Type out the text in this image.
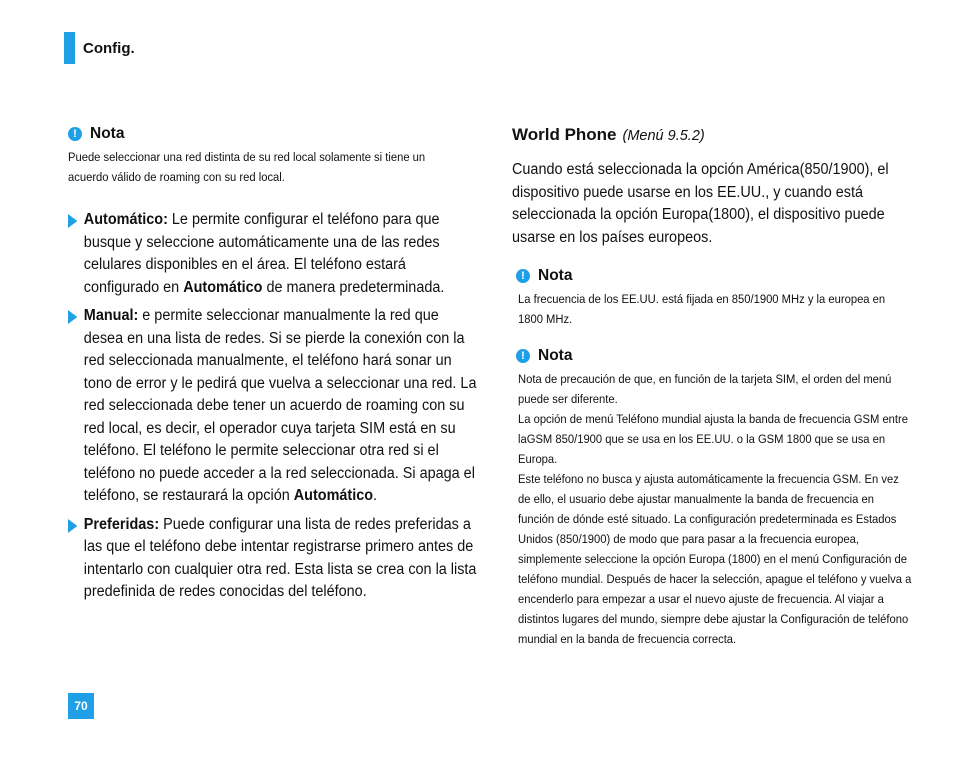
Config.
! Nota
Puede seleccionar una red distinta de su red local solamente si tiene un acuerdo válido de roaming con su red local.
Automático: Le permite configurar el teléfono para que busque y seleccione automáticamente una de las redes celulares disponibles en el área. El teléfono estará configurado en Automático de manera predeterminada.
Manual: e permite seleccionar manualmente la red que desea en una lista de redes. Si se pierde la conexión con la red seleccionada manualmente, el teléfono hará sonar un tono de error y le pedirá que vuelva a seleccionar una red. La red seleccionada debe tener un acuerdo de roaming con su red local, es decir, el operador cuya tarjeta SIM está en su teléfono. El teléfono le permite seleccionar otra red si el teléfono no puede acceder a la red seleccionada. Si apaga el teléfono, se restaurará la opción Automático.
Preferidas: Puede configurar una lista de redes preferidas a las que el teléfono debe intentar registrarse primero antes de intentarlo con cualquier otra red. Esta lista se crea con la lista predefinida de redes conocidas del teléfono.
World Phone (Menú 9.5.2)
Cuando está seleccionada la opción América(850/1900), el dispositivo puede usarse en los EE.UU., y cuando está seleccionada la opción Europa(1800), el dispositivo puede usarse en los países europeos.
! Nota
La frecuencia de los EE.UU. está fijada en 850/1900 MHz y la europea en 1800 MHz.
! Nota
Nota de precaución de que, en función de la tarjeta SIM, el orden del menú puede ser diferente.
La opción de menú Teléfono mundial ajusta la banda de frecuencia GSM entre laGSM 850/1900 que se usa en los EE.UU. o la GSM 1800 que se usa en Europa.
Este teléfono no busca y ajusta automáticamente la frecuencia GSM. En vez de ello, el usuario debe ajustar manualmente la banda de frecuencia en función de dónde esté situado. La configuración predeterminada es Estados Unidos (850/1900) de modo que para pasar a la frecuencia europea, simplemente seleccione la opción Europa (1800) en el menú Configuración de teléfono mundial. Después de hacer la selección, apague el teléfono y vuelva a encenderlo para empezar a usar el nuevo ajuste de frecuencia. Al viajar a distintos lugares del mundo, siempre debe ajustar la Configuración de teléfono mundial en la banda de frecuencia correcta.
70
